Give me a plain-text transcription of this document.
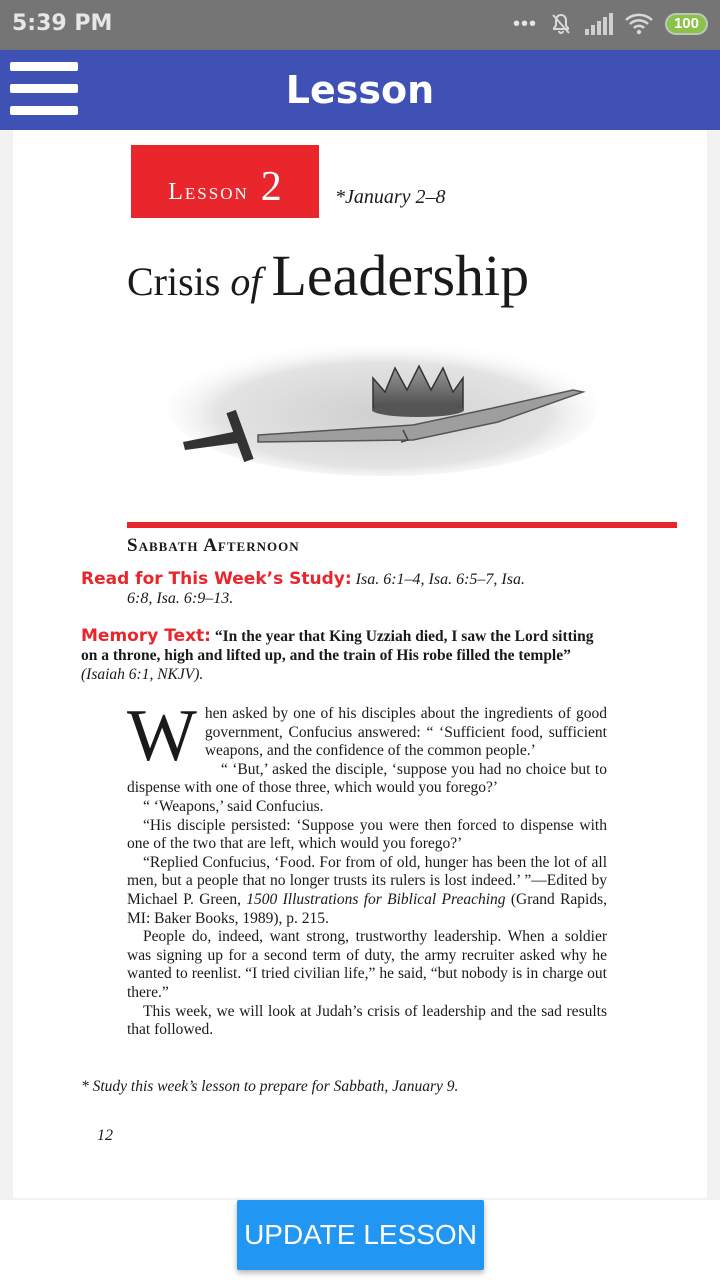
5:39 PM	•••	100
Lesson
Lesson 2	*January 2–8
Crisis of Leadership
Sabbath Afternoon
Read for This Week’s Study: Isa. 6:1–4, Isa. 6:5–7, Isa.
6:8, Isa. 6:9–13.
Memory Text: “In the year that King Uzziah died, I saw the Lord sitting on a throne, high and lifted up, and the train of His robe filled the temple” (Isaiah 6:1, NKJV).

When asked by one of his disciples about the ingredients of good government, Confucius answered: “ ‘Sufficient food, sufficient weapons, and the confidence of the common people.’

“ ‘But,’ asked the disciple, ‘suppose you had no choice but to dispense with one of those three, which would you forego?’

“ ‘Weapons,’ said Confucius.

“His disciple persisted: ‘Suppose you were then forced to dispense with one of the two that are left, which would you forego?’

“Replied Confucius, ‘Food. For from of old, hunger has been the lot of all men, but a people that no longer trusts its rulers is lost indeed.’ ”—Edited by Michael P. Green, 1500 Illustrations for Biblical Preaching (Grand Rapids, MI: Baker Books, 1989), p. 215.

People do, indeed, want strong, trustworthy leadership. When a soldier was signing up for a second term of duty, the army recruiter asked why he wanted to reenlist. “I tried civilian life,” he said, “but nobody is in charge out there.”

This week, we will look at Judah’s crisis of leadership and the sad results that followed.

* Study this week’s lesson to prepare for Sabbath, January 9.
12
UPDATE LESSON
